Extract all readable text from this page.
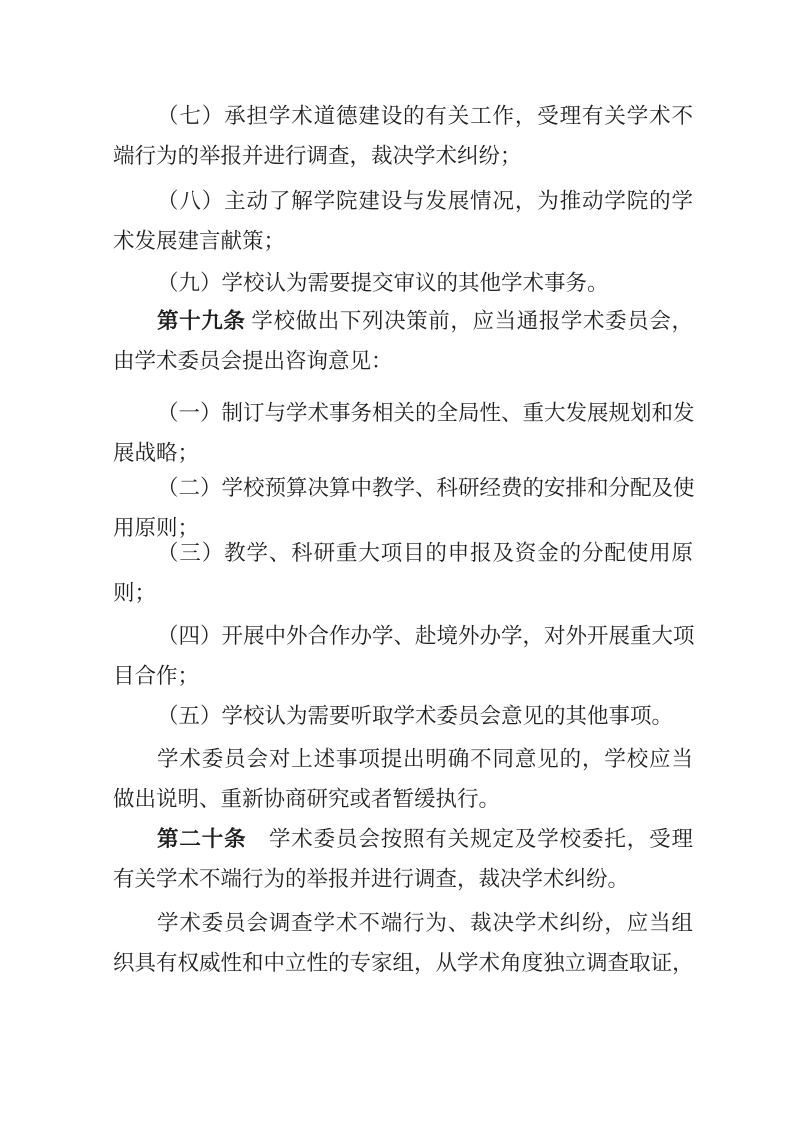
（七）承担学术道德建设的有关工作，受理有关学术不
端行为的举报并进行调查，裁决学术纠纷；
（八）主动了解学院建设与发展情况，为推动学院的学
术发展建言献策；
（九）学校认为需要提交审议的其他学术事务。
第十九条 学校做出下列决策前，应当通报学术委员会，
由学术委员会提出咨询意见：
（一）制订与学术事务相关的全局性、重大发展规划和发
展战略；
（二）学校预算决算中教学、科研经费的安排和分配及使
用原则；
（三）教学、科研重大项目的申报及资金的分配使用原
则；
（四）开展中外合作办学、赴境外办学，对外开展重大项
目合作；
（五）学校认为需要听取学术委员会意见的其他事项。
学术委员会对上述事项提出明确不同意见的，学校应当
做出说明、重新协商研究或者暂缓执行。
第二十条　学术委员会按照有关规定及学校委托，受理
有关学术不端行为的举报并进行调查，裁决学术纠纷。
学术委员会调查学术不端行为、裁决学术纠纷，应当组
织具有权威性和中立性的专家组，从学术角度独立调查取证，
